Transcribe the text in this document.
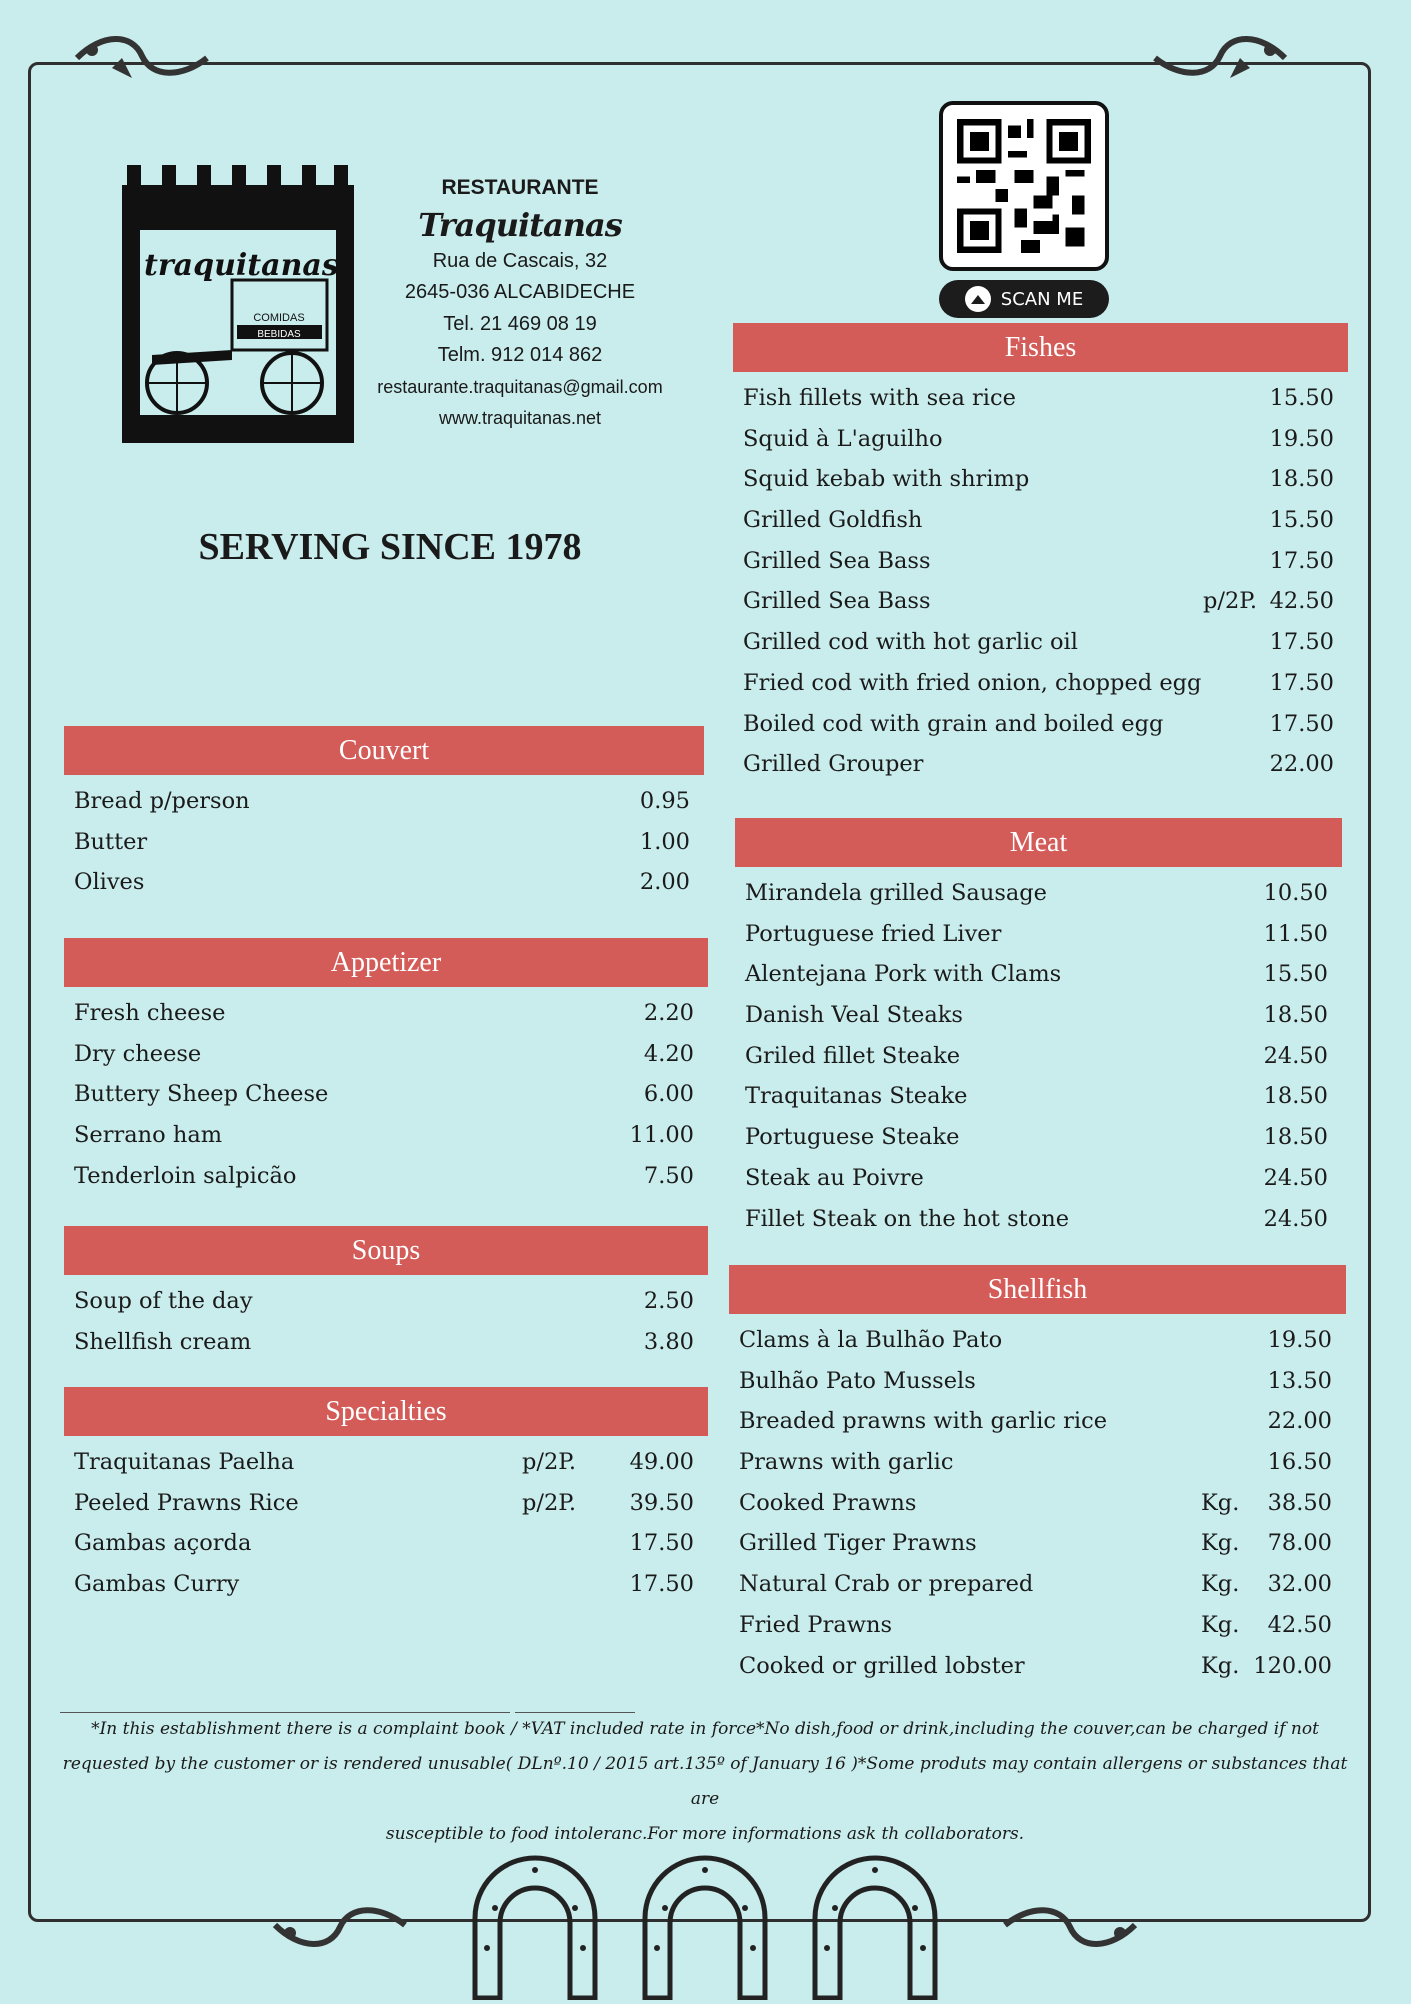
traquitanas
COMIDAS
BEBIDAS
RESTAURANTE
Traquitanas
Rua de Cascais, 32
2645-036 ALCABIDECHE
Tel. 21 469 08 19
Telm. 912 014 862
restaurante.traquitanas@gmail.com
www.traquitanas.net
SERVING SINCE 1978
SCAN ME
Fishes
Fish fillets with sea rice	15.50
Squid à L'aguilho	19.50
Squid kebab with shrimp	18.50
Grilled Goldfish	15.50
Grilled Sea Bass	17.50
Grilled Sea Bass	p/2P. 42.50
Grilled cod with hot garlic oil	17.50
Fried cod with fried onion, chopped egg	17.50
Boiled cod with grain and boiled egg	17.50
Grilled Grouper	22.00
Couvert
Bread p/person	0.95
Butter	1.00
Olives	2.00
Meat
Mirandela grilled Sausage	10.50
Portuguese fried Liver	11.50
Alentejana Pork with Clams	15.50
Danish Veal Steaks	18.50
Griled fillet Steake	24.50
Traquitanas Steake	18.50
Portuguese Steake	18.50
Steak au Poivre	24.50
Fillet Steak on the hot stone	24.50
Appetizer
Fresh cheese	2.20
Dry cheese	4.20
Buttery Sheep Cheese	6.00
Serrano ham	11.00
Tenderloin salpicão	7.50
Soups
Soup of the day	2.50
Shellfish cream	3.80
Shellfish
Clams à la Bulhão Pato	19.50
Bulhão Pato Mussels	13.50
Breaded prawns with garlic rice	22.00
Prawns with garlic	16.50
Cooked Prawns	Kg. 38.50
Grilled Tiger Prawns	Kg. 78.00
Natural Crab or prepared	Kg. 32.00
Fried Prawns	Kg. 42.50
Cooked or grilled lobster	Kg. 120.00
Specialties
Traquitanas Paelha	p/2P. 49.00
Peeled Prawns Rice	p/2P. 39.50
Gambas açorda	17.50
Gambas Curry	17.50
*In this establishment there is a complaint book / *VAT included rate in force*No dish,food or drink,including the couver,can be charged if not
requested by the customer or is rendered unusable( DLnº.10 / 2015 art.135º of January 16 )*Some produts may contain allergens or substances that are
susceptible to food intoleranc.For more informations ask th collaborators.
